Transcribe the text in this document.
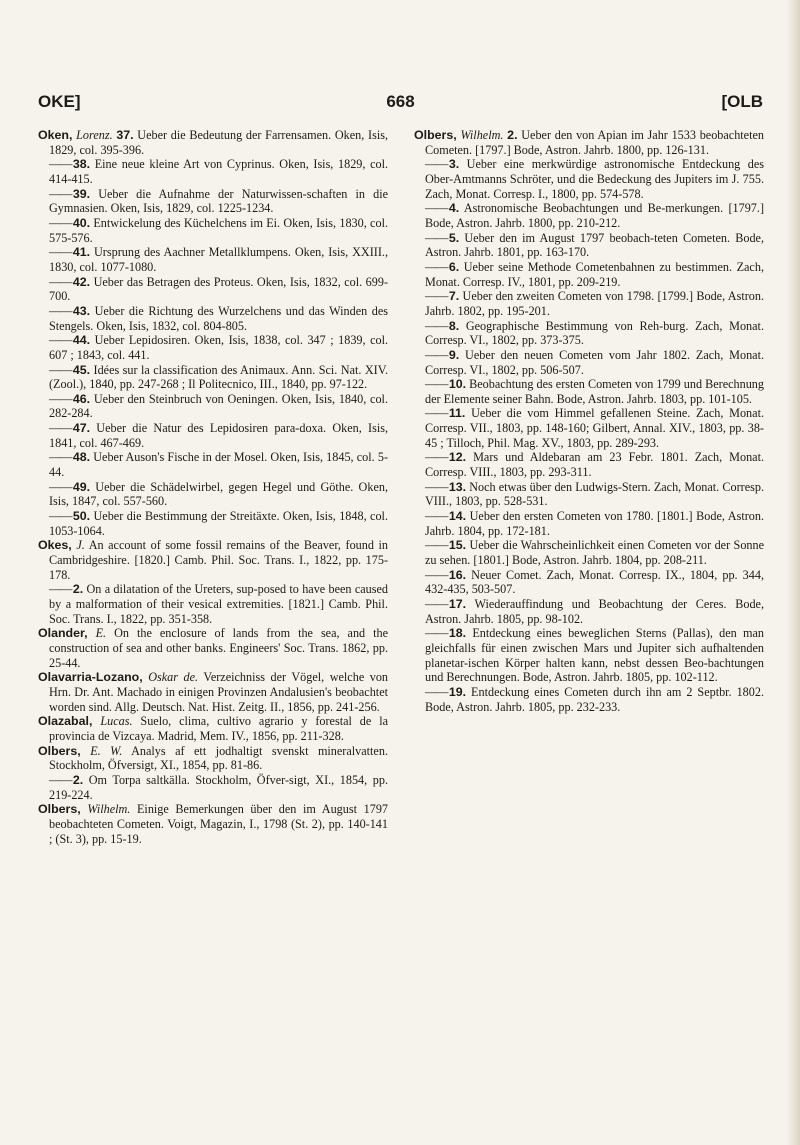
OKE]	668	[OLB

Oken, Lorenz. 37. Ueber die Bedeutung der Farrensamen. Oken, Isis, 1829, col. 395-396.

—— 38. Eine neue kleine Art von Cyprinus. Oken, Isis, 1829, col. 414-415.

—— 39. Ueber die Aufnahme der Naturwissen-schaften in die Gymnasien. Oken, Isis, 1829, col. 1225-1234.

—— 40. Entwickelung des Küchelchens im Ei. Oken, Isis, 1830, col. 575-576.

—— 41. Ursprung des Aachner Metallklumpens. Oken, Isis, XXIII., 1830, col. 1077-1080.

—— 42. Ueber das Betragen des Proteus. Oken, Isis, 1832, col. 699-700.

—— 43. Ueber die Richtung des Wurzelchens und das Winden des Stengels. Oken, Isis, 1832, col. 804-805.

—— 44. Ueber Lepidosiren. Oken, Isis, 1838, col. 347 ; 1839, col. 607 ; 1843, col. 441.

—— 45. Idées sur la classification des Animaux. Ann. Sci. Nat. XIV. (Zool.), 1840, pp. 247-268 ; Il Politecnico, III., 1840, pp. 97-122.

—— 46. Ueber den Steinbruch von Oeningen. Oken, Isis, 1840, col. 282-284.

—— 47. Ueber die Natur des Lepidosiren para-doxa. Oken, Isis, 1841, col. 467-469.

—— 48. Ueber Auson's Fische in der Mosel. Oken, Isis, 1845, col. 5-44.

—— 49. Ueber die Schädelwirbel, gegen Hegel und Göthe. Oken, Isis, 1847, col. 557-560.

—— 50. Ueber die Bestimmung der Streitäxte. Oken, Isis, 1848, col. 1053-1064.

Okes, J. An account of some fossil remains of the Beaver, found in Cambridgeshire. [1820.] Camb. Phil. Soc. Trans. I., 1822, pp. 175-178.

—— 2. On a dilatation of the Ureters, sup-posed to have been caused by a malformation of their vesical extremities. [1821.] Camb. Phil. Soc. Trans. I., 1822, pp. 351-358.

Olander, E. On the enclosure of lands from the sea, and the construction of sea and other banks. Engineers' Soc. Trans. 1862, pp. 25-44.

Olavarria-Lozano, Oskar de. Verzeichniss der Vögel, welche von Hrn. Dr. Ant. Machado in einigen Provinzen Andalusien's beobachtet worden sind. Allg. Deutsch. Nat. Hist. Zeitg. II., 1856, pp. 241-256.

Olazabal, Lucas. Suelo, clima, cultivo agrario y forestal de la provincia de Vizcaya. Madrid, Mem. IV., 1856, pp. 211-328.

Olbers, E. W. Analys af ett jodhaltigt svenskt mineralvatten. Stockholm, Öfversigt, XI., 1854, pp. 81-86.

—— 2. Om Torpa saltkälla. Stockholm, Öfver-sigt, XI., 1854, pp. 219-224.

Olbers, Wilhelm. Einige Bemerkungen über den im August 1797 beobachteten Cometen. Voigt, Magazin, I., 1798 (St. 2), pp. 140-141 ; (St. 3), pp. 15-19.

Olbers, Wilhelm. 2. Ueber den von Apian im Jahr 1533 beobachteten Cometen. [1797.] Bode, Astron. Jahrb. 1800, pp. 126-131.

—— 3. Ueber eine merkwürdige astronomische Entdeckung des Ober-Amtmanns Schröter, und die Bedeckung des Jupiters im J. 755. Zach, Monat. Corresp. I., 1800, pp. 574-578.

—— 4. Astronomische Beobachtungen und Be-merkungen. [1797.] Bode, Astron. Jahrb. 1800, pp. 210-212.

—— 5. Ueber den im August 1797 beobach-teten Cometen. Bode, Astron. Jahrb. 1801, pp. 163-170.

—— 6. Ueber seine Methode Cometenbahnen zu bestimmen. Zach, Monat. Corresp. IV., 1801, pp. 209-219.

—— 7. Ueber den zweiten Cometen von 1798. [1799.] Bode, Astron. Jahrb. 1802, pp. 195-201.

—— 8. Geographische Bestimmung von Reh-burg. Zach, Monat. Corresp. VI., 1802, pp. 373-375.

—— 9. Ueber den neuen Cometen vom Jahr 1802. Zach, Monat. Corresp. VI., 1802, pp. 506-507.

—— 10. Beobachtung des ersten Cometen von 1799 und Berechnung der Elemente seiner Bahn. Bode, Astron. Jahrb. 1803, pp. 101-105.

—— 11. Ueber die vom Himmel gefallenen Steine. Zach, Monat. Corresp. VII., 1803, pp. 148-160; Gilbert, Annal. XIV., 1803, pp. 38-45 ; Tilloch, Phil. Mag. XV., 1803, pp. 289-293.

—— 12. Mars und Aldebaran am 23 Febr. 1801. Zach, Monat. Corresp. VIII., 1803, pp. 293-311.

—— 13. Noch etwas über den Ludwigs-Stern. Zach, Monat. Corresp. VIII., 1803, pp. 528-531.

—— 14. Ueber den ersten Cometen von 1780. [1801.] Bode, Astron. Jahrb. 1804, pp. 172-181.

—— 15. Ueber die Wahrscheinlichkeit einen Cometen vor der Sonne zu sehen. [1801.] Bode, Astron. Jahrb. 1804, pp. 208-211.

—— 16. Neuer Comet. Zach, Monat. Corresp. IX., 1804, pp. 344, 432-435, 503-507.

—— 17. Wiederauffindung und Beobachtung der Ceres. Bode, Astron. Jahrb. 1805, pp. 98-102.

—— 18. Entdeckung eines beweglichen Sterns (Pallas), den man gleichfalls für einen zwischen Mars und Jupiter sich aufhaltenden planetar-ischen Körper halten kann, nebst dessen Beo-bachtungen und Berechnungen. Bode, Astron. Jahrb. 1805, pp. 102-112.

—— 19. Entdeckung eines Cometen durch ihn am 2 Septbr. 1802. Bode, Astron. Jahrb. 1805, pp. 232-233.
